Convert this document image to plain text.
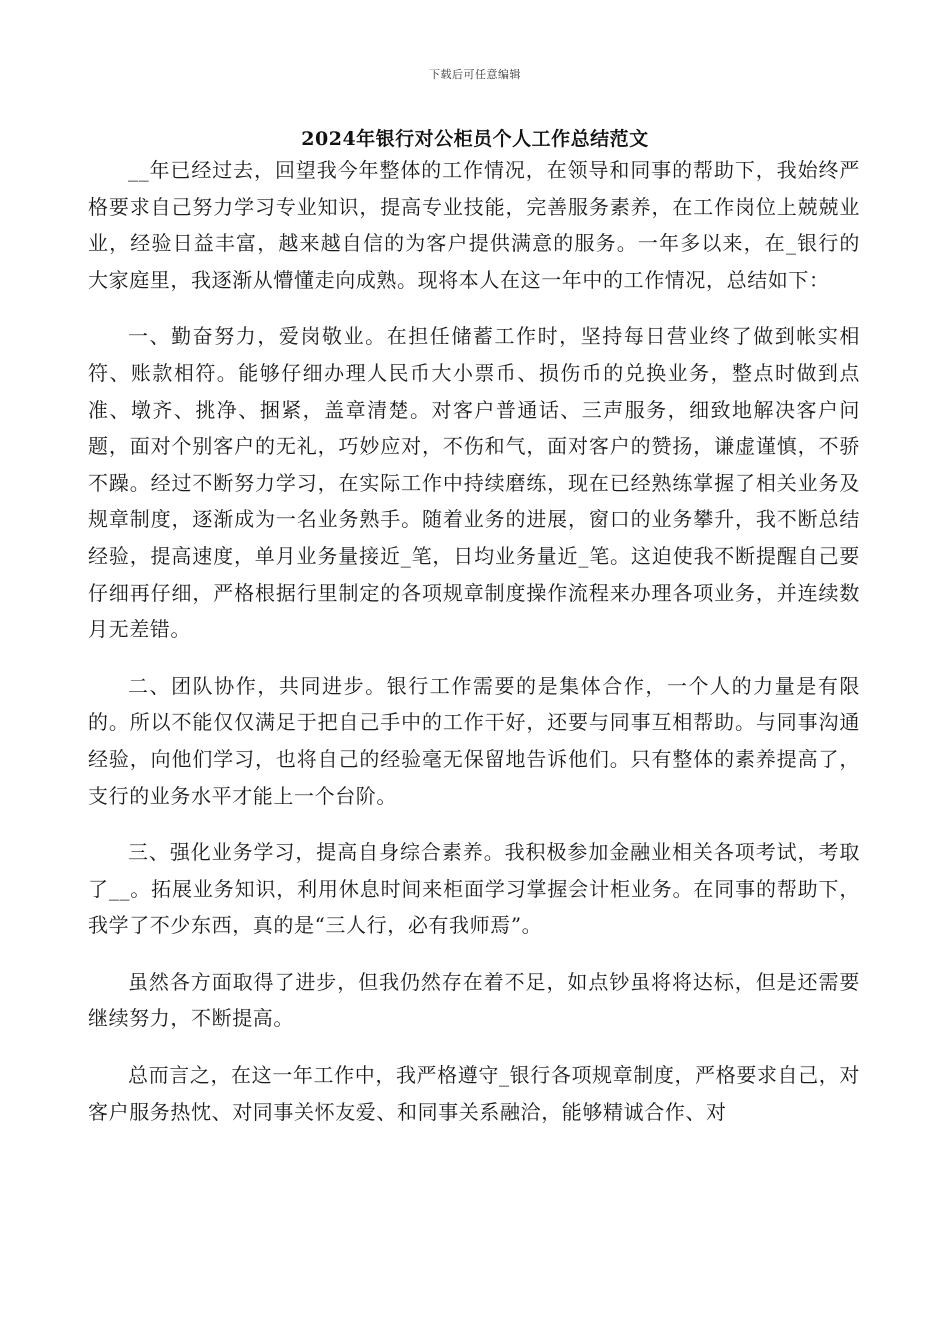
下载后可任意编辑
2024年银行对公柜员个人工作总结范文

__年已经过去，回望我今年整体的工作情况，在领导和同事的帮助下，我始终严格要求自己努力学习专业知识，提高专业技能，完善服务素养，在工作岗位上兢兢业业，经验日益丰富，越来越自信的为客户提供满意的服务。一年多以来，在_银行的大家庭里，我逐渐从懵懂走向成熟。现将本人在这一年中的工作情况，总结如下：

一、勤奋努力，爱岗敬业。在担任储蓄工作时，坚持每日营业终了做到帐实相符、账款相符。能够仔细办理人民币大小票币、损伤币的兑换业务，整点时做到点准、墩齐、挑净、捆紧，盖章清楚。对客户普通话、三声服务，细致地解决客户问题，面对个别客户的无礼，巧妙应对，不伤和气，面对客户的赞扬，谦虚谨慎，不骄不躁。经过不断努力学习，在实际工作中持续磨练，现在已经熟练掌握了相关业务及规章制度，逐渐成为一名业务熟手。随着业务的进展，窗口的业务攀升，我不断总结经验，提高速度，单月业务量接近_笔，日均业务量近_笔。这迫使我不断提醒自己要仔细再仔细，严格根据行里制定的各项规章制度操作流程来办理各项业务，并连续数月无差错。

二、团队协作，共同进步。银行工作需要的是集体合作，一个人的力量是有限的。所以不能仅仅满足于把自己手中的工作干好，还要与同事互相帮助。与同事沟通经验，向他们学习，也将自己的经验毫无保留地告诉他们。只有整体的素养提高了，支行的业务水平才能上一个台阶。

三、强化业务学习，提高自身综合素养。我积极参加金融业相关各项考试，考取了__。拓展业务知识，利用休息时间来柜面学习掌握会计柜业务。在同事的帮助下，我学了不少东西，真的是“三人行，必有我师焉”。

虽然各方面取得了进步，但我仍然存在着不足，如点钞虽将将达标，但是还需要继续努力，不断提高。

总而言之，在这一年工作中，我严格遵守_银行各项规章制度，严格要求自己，对客户服务热忱、对同事关怀友爱、和同事关系融洽，能够精诚合作、对
